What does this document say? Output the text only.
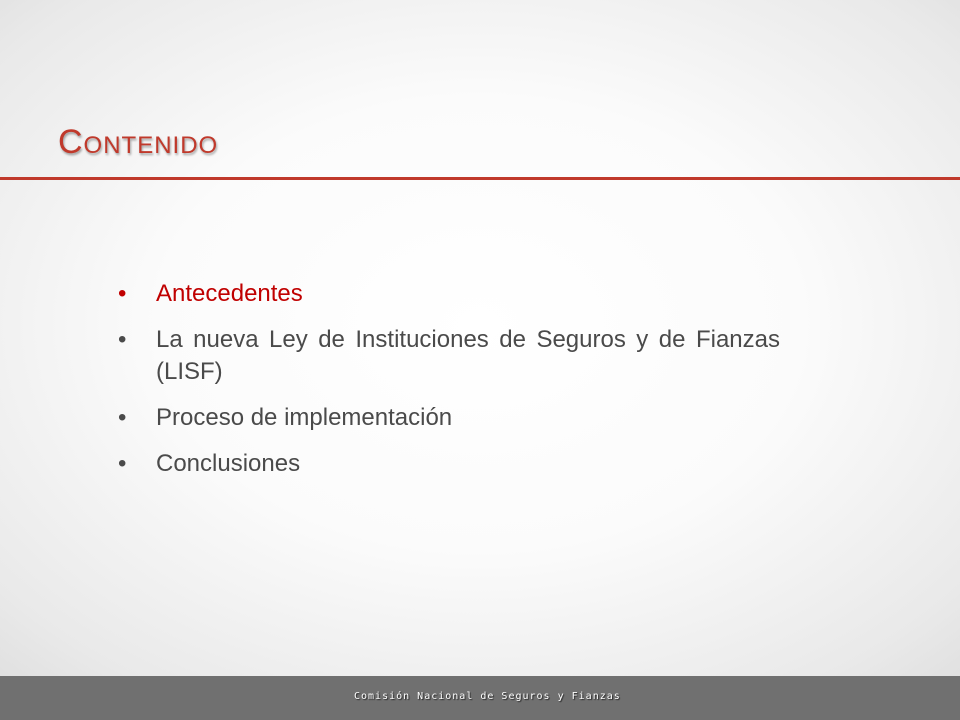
Contenido
• Antecedentes
• La nueva Ley de Instituciones de Seguros y de Fianzas (LISF)
• Proceso de implementación
• Conclusiones
Comisión Nacional de Seguros y Fianzas
